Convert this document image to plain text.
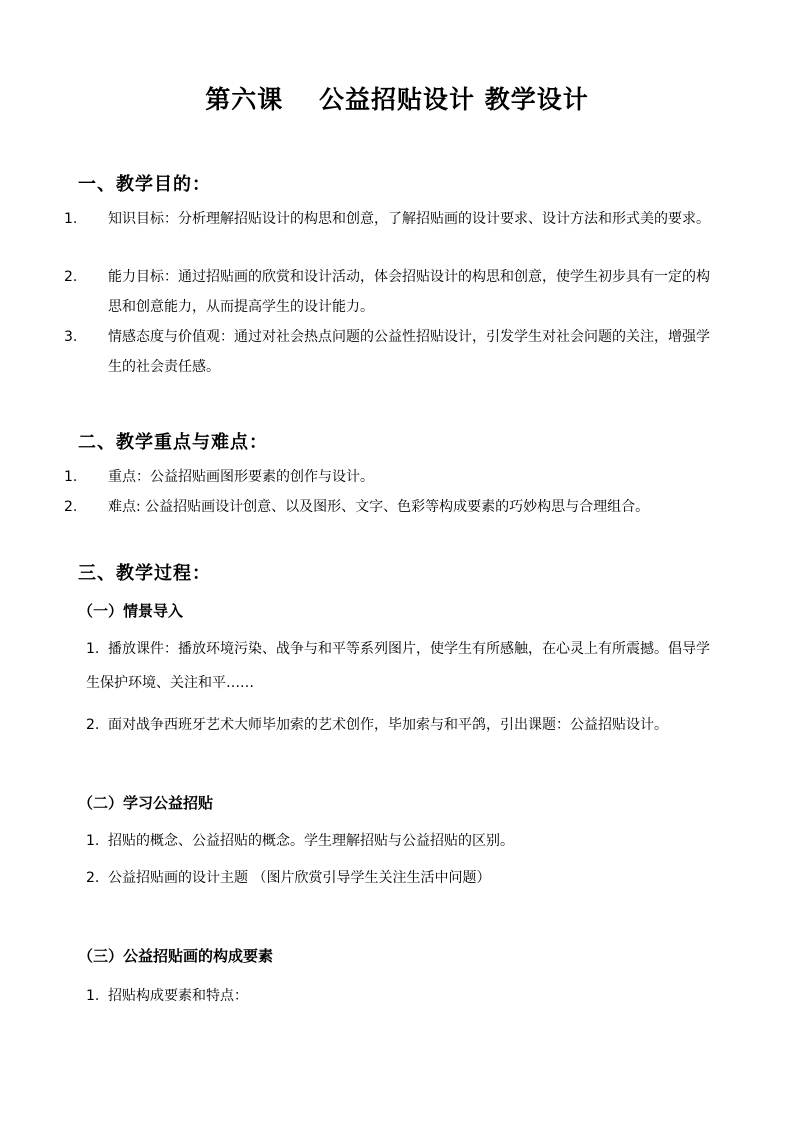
第六课　 公益招贴设计 教学设计
一、教学目的：
1. 知识目标：分析理解招贴设计的构思和创意，了解招贴画的设计要求、设计方法和形式美的要求。
2. 能力目标：通过招贴画的欣赏和设计活动，体会招贴设计的构思和创意，使学生初步具有一定的构思和创意能力，从而提高学生的设计能力。
3. 情感态度与价值观：通过对社会热点问题的公益性招贴设计，引发学生对社会问题的关注，增强学生的社会责任感。
二、教学重点与难点：
1. 重点：公益招贴画图形要素的创作与设计。
2. 难点: 公益招贴画设计创意、以及图形、文字、色彩等构成要素的巧妙构思与合理组合。
三、教学过程：
（一）情景导入
1. 播放课件：播放环境污染、战争与和平等系列图片，使学生有所感触，在心灵上有所震撼。倡导学生保护环境、关注和平……
2. 面对战争西班牙艺术大师毕加索的艺术创作，毕加索与和平鸽，引出课题：公益招贴设计。
（二）学习公益招贴
1. 招贴的概念、公益招贴的概念。学生理解招贴与公益招贴的区别。
2. 公益招贴画的设计主题 （图片欣赏引导学生关注生活中问题）
（三）公益招贴画的构成要素
1. 招贴构成要素和特点：
